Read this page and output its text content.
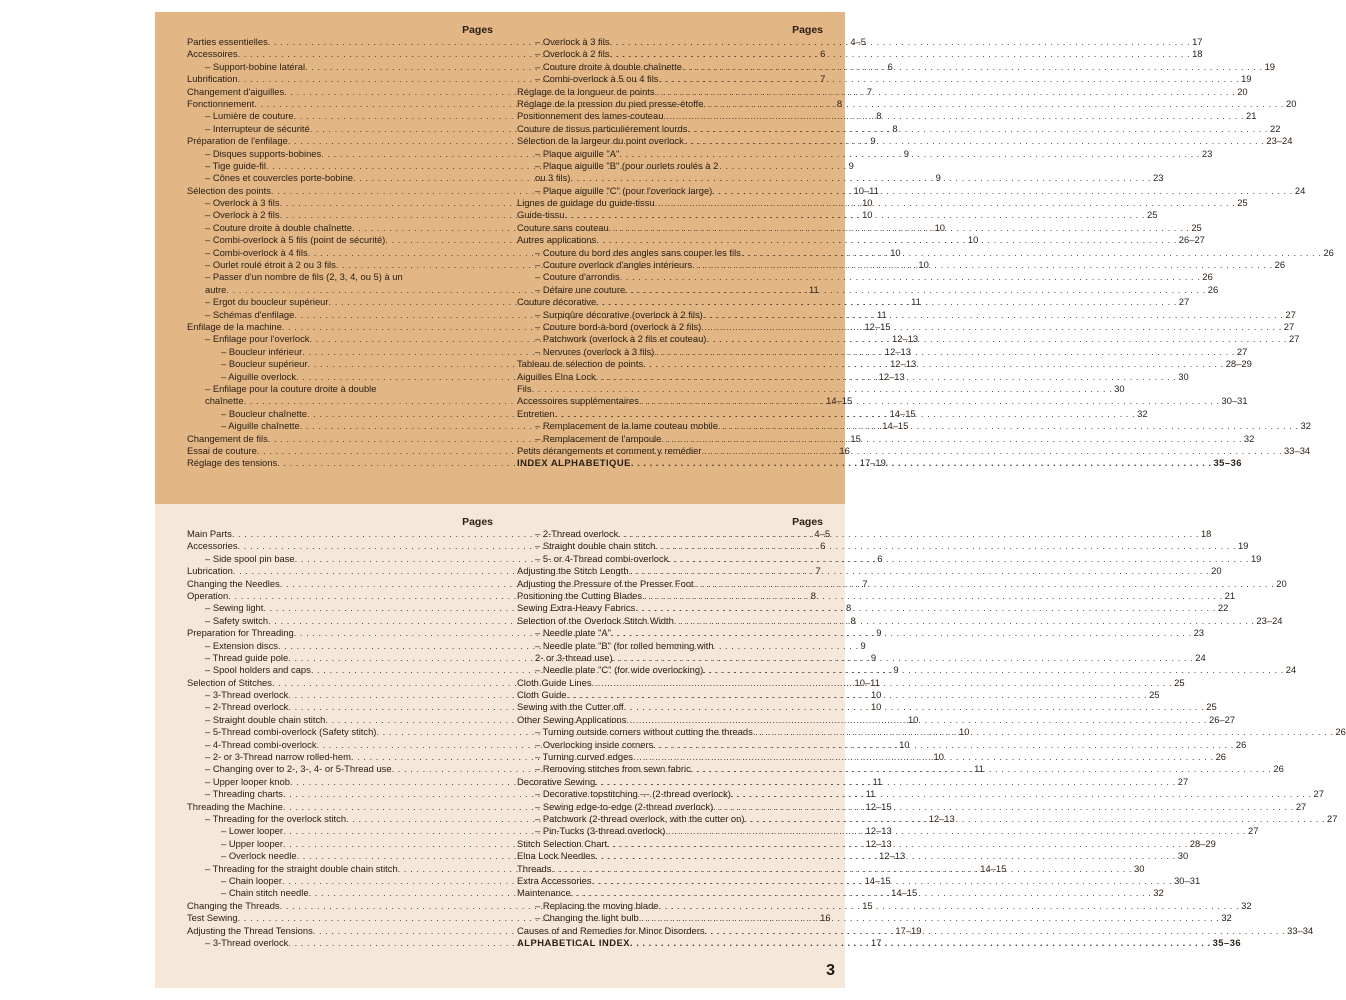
Pages
Parties essentielles . . .	4–5
Accessoires . . .	6
– Support-bobine latéral . . .	6
Lubrification . . .	7
Changement d'aiguilles . . .	7
Fonctionnement . . .	8
– Lumière de couture . . .	8
– Interrupteur de sécurité . . .	8
Préparation de l'enfilage . . .	9
– Disques supports-bobines . . .	9
– Tige guide-fil . . .	9
– Cônes et couvercles porte-bobine . . .	9
Sélection des points . . .	10–11
– Overlock à 3 fils . . .	10
– Overlock à 2 fils . . .	10
– Couture droite à double chaînette . . .	10
– Combi-overlock à 5 fils (point de sécurité) . . .	10
– Combi-overlock à 4 fils . . .	10
– Ourlet roulé étroit à 2 ou 3 fils . . .	10
– Passer d'un nombre de fils (2, 3, 4, ou 5) à un
autre . . .	11
– Ergot du boucleur supérieur . . .	11
– Schémas d'enfilage . . .	11
Enfilage de la machine . . .	12–15
– Enfilage pour l'overlock . . .	12–13
– Boucleur inférieur . . .	12–13
– Boucleur supérieur . . .	12–13
– Aiguille overlock . . .	12–13
– Enfilage pour la couture droite à double
chaînette . . .	14–15
– Boucleur chaînette . . .	14–15
– Aiguille chaînette . . .	14–15
Changement de fils . . .	15
Essai de couture . . .	16
Réglage des tensions . . .	17–19
Pages
– Overlock à 3 fils . . .	17
– Overlock à 2 fils . . .	18
– Couture droite à double chaînette . . .	19
– Combi-overlock à 5 ou 4 fils . . .	19
Réglage de la longueur de points . . .	20
Réglage de la pression du pied presse-étoffe . . .	20
Positionnement des lames-couteau . . .	21
Couture de tissus particulièrement lourds . . .	22
Sélection de la largeur du point overlock . . .	23–24
– Plaque aiguille "A" . . .	23
– Plaque aiguille "B" (pour ourlets roulés à 2
ou 3 fils) . . .	23
– Plaque aiguille "C" (pour l'overlock large) . . .	24
Lignes de guidage du guide-tissu . . .	25
Guide-tissu . . .	25
Couture sans couteau . . .	25
Autres applications . . .	26–27
– Couture du bord des angles sans couper les fils . . .	26
– Couture overlock d'angles intérieurs . . .	26
– Couture d'arrondis . . .	26
– Défaire une couture . . .	26
Couture décorative . . .	27
– Surpiqûre décorative (overlock à 2 fils) . . .	27
– Couture bord-à-bord (overlock à 2 fils) . . .	27
– Patchwork (overlock à 2 fils et couteau) . . .	27
– Nervures (overlock à 3 fils) . . .	27
Tableau de sélection de points . . .	28–29
Aiguilles Elna Lock . . .	30
Fils . . .	30
Accessoires supplémentaires . . .	30–31
Entretien . . .	32
– Remplacement de la lame couteau mobile . . .	32
– Remplacement de l'ampoule . . .	32
Petits dérangements et comment y remédier . . .	33–34
INDEX ALPHABETIQUE . . .	35–36
Pages
Main Parts . . .	4–5
Accessories . . .	6
– Side spool pin base . . .	6
Lubrication . . .	7
Changing the Needles . . .	7
Operation . . .	8
– Sewing light . . .	8
– Safety switch . . .	8
Preparation for Threading . . .	9
– Extension discs . . .	9
– Thread guide pole . . .	9
– Spool holders and caps . . .	9
Selection of Stitches . . .	10–11
– 3-Thread overlock . . .	10
– 2-Thread overlock . . .	10
– Straight double chain stitch . . .	10
– 5-Thread combi-overlock (Safety stitch) . . .	10
– 4-Thread combi-overlock . . .	10
– 2- or 3-Thread narrow rolled-hem . . .	10
– Changing over to 2-, 3-, 4- or 5-Thread use . . .	11
– Upper looper knob . . .	11
– Threading charts . . .	11
Threading the Machine . . .	12–15
– Threading for the overlock stitch . . .	12–13
– Lower looper . . .	12–13
– Upper looper . . .	12–13
– Overlock needle . . .	12–13
– Threading for the straight double chain stitch . . .	14–15
– Chain looper . . .	14–15
– Chain stitch needle . . .	14–15
Changing the Threads . . .	15
Test Sewing . . .	16
Adjusting the Thread Tensions . . .	17–19
– 3-Thread overlock . . .	17
Pages
– 2-Thread overlock . . .	18
– Straight double chain stitch . . .	19
– 5- or 4-Thread combi-overlock . . .	19
Adjusting the Stitch Length . . .	20
Adjusting the Pressure of the Presser Foot . . .	20
Positioning the Cutting Blades . . .	21
Sewing Extra-Heavy Fabrics . . .	22
Selection of the Overlock Stitch Width . . .	23–24
– Needle plate "A" . . .	23
– Needle plate "B" (for rolled hemming with
2- or 3-thread use) . . .	24
– Needle plate "C" (for wide overlocking) . . .	24
Cloth Guide Lines . . .	25
Cloth Guide . . .	25
Sewing with the Cutter off . . .	25
Other Sewing Applications . . .	26–27
– Turning outside corners without cutting the threads . . .	26
– Overlocking inside corners . . .	26
– Turning curved edges . . .	26
– Removing stitches from sewn fabric . . .	26
Decorative Sewing . . .	27
– Decorative topstitching — (2-thread overlock) . . .	27
– Sewing edge-to-edge (2-thread overlock) . . .	27
– Patchwork (2-thread overlock, with the cutter on) . . .	27
– Pin-Tucks (3-thread overlock) . . .	27
Stitch Selection Chart . . .	28–29
Elna Lock Needles . . .	30
Threads . . .	30
Extra Accessories . . .	30–31
Maintenance . . .	32
– Replacing the moving blade . . .	32
– Changing the light bulb . . .	32
Causes of and Remedies for Minor Disorders . . .	33–34
ALPHABETICAL INDEX . . .	35–36
3
